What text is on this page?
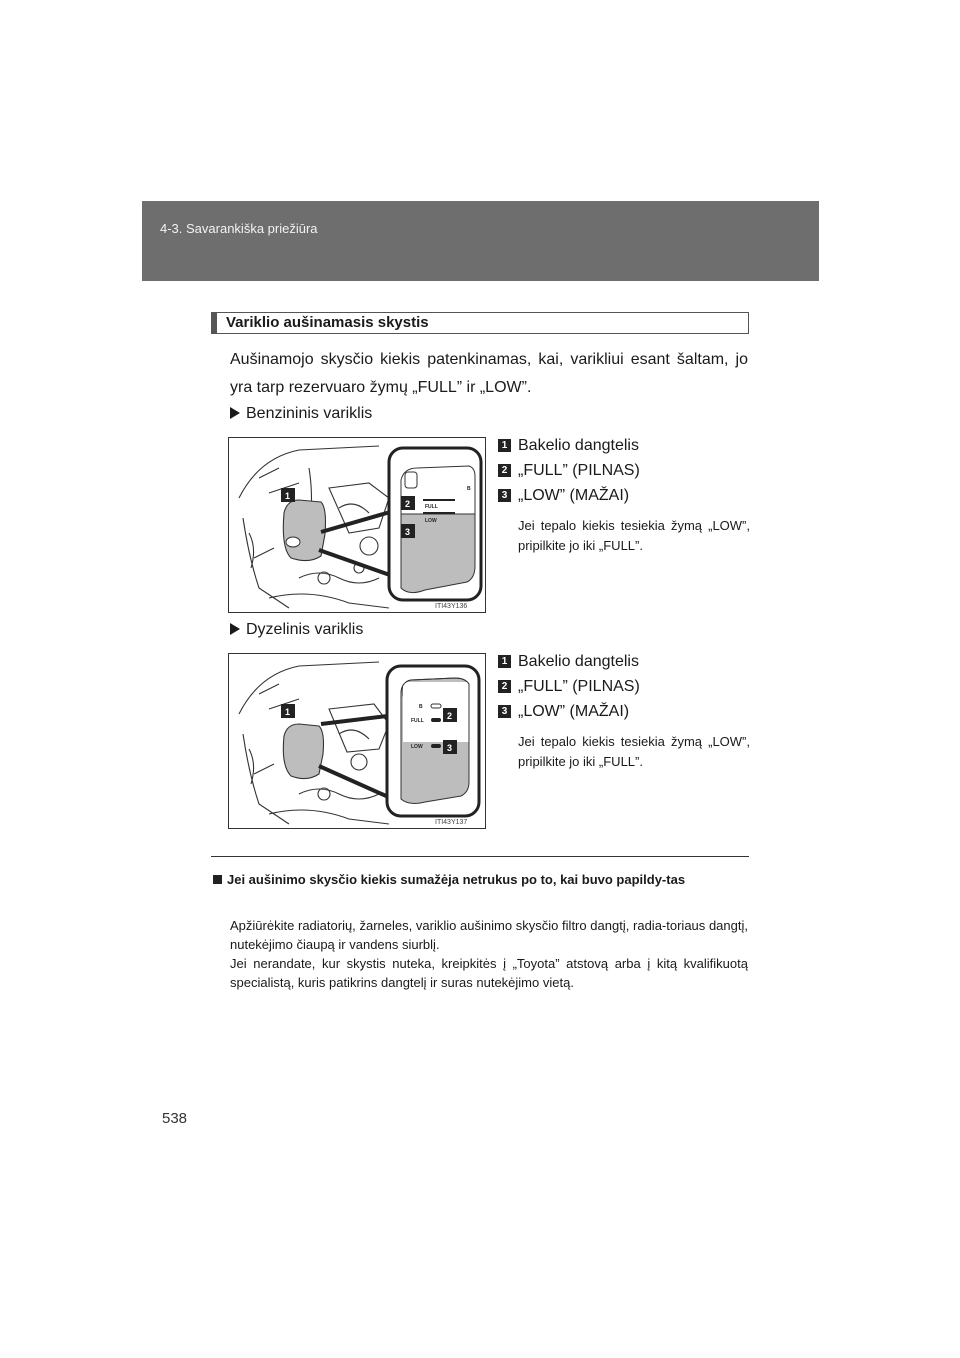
4-3. Savarankiška priežiūra
Variklio aušinamasis skystis
Aušinamojo skysčio kiekis patenkinamas, kai, varikliui esant šaltam, jo yra tarp rezervuaro žymų „FULL” ir „LOW”.
Benzininis variklis
B
FULL
LOW
1
2
3
ITI43Y136
1 Bakelio dangtelis
2 „FULL” (PILNAS)
3 „LOW” (MAŽAI)
Jei tepalo kiekis tesiekia žymą „LOW”, pripilkite jo iki „FULL”.
Dyzelinis variklis
B
FULL
LOW
1	2
3
ITI43Y137
1 Bakelio dangtelis
2 „FULL” (PILNAS)
3 „LOW” (MAŽAI)
Jei tepalo kiekis tesiekia žymą „LOW”, pripilkite jo iki „FULL”.
Jei aušinimo skysčio kiekis sumažėja netrukus po to, kai buvo papildy-tas

Apžiūrėkite radiatorių, žarneles, variklio aušinimo skysčio filtro dangtį, radia-toriaus dangtį, nutekėjimo čiaupą ir vandens siurblį.

Jei nerandate, kur skystis nuteka, kreipkitės į „Toyota” atstovą arba į kitą kvalifikuotą specialistą, kuris patikrins dangtelį ir suras nutekėjimo vietą.

538
